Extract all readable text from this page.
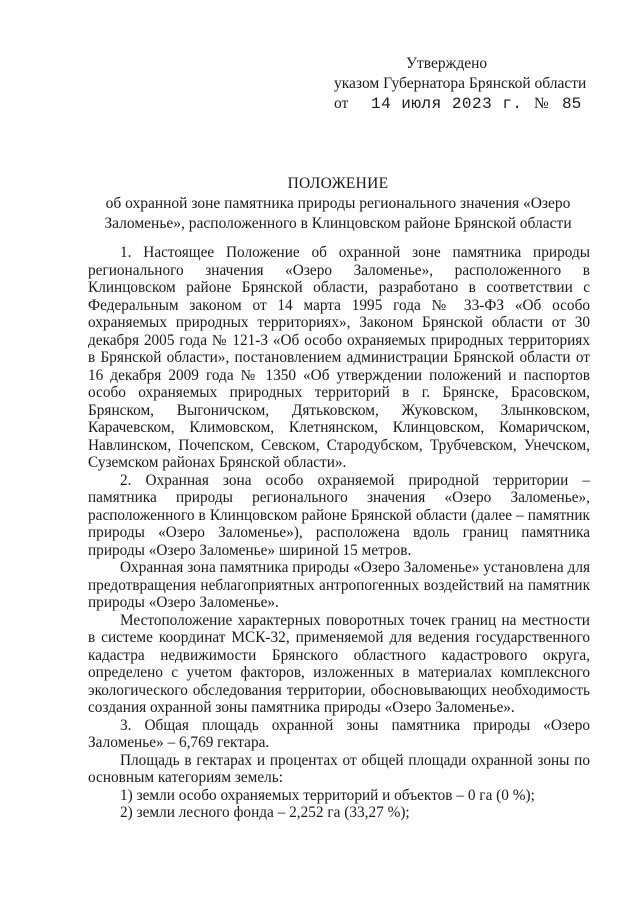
Утверждено
указом Губернатора Брянской области
от 14 июля 2023 г. № 85
ПОЛОЖЕНИЕ
об охранной зоне памятника природы регионального значения «Озеро
Заломенье», расположенного в Клинцовском районе Брянской области

1. Настоящее Положение об охранной зоне памятника природы регионального значения «Озеро Заломенье», расположенного в Клинцовском районе Брянской области, разработано в соответствии с Федеральным законом от 14 марта 1995 года № 33-ФЗ «Об особо охраняемых природных территориях», Законом Брянской области от 30 декабря 2005 года № 121-З «Об особо охраняемых природных территориях в Брянской области», постановлением администрации Брянской области от 16 декабря 2009 года № 1350 «Об утверждении положений и паспортов особо охраняемых природных территорий в г. Брянске, Брасовском, Брянском, Выгоничском, Дятьковском, Жуковском, Злынковском, Карачевском, Климовском, Клетнянском, Клинцовском, Комаричском, Навлинском, Почепском, Севском, Стародубском, Трубчевском, Унечском, Суземском районах Брянской области».

2. Охранная зона особо охраняемой природной территории – памятника природы регионального значения «Озеро Заломенье», расположенного в Клинцовском районе Брянской области (далее – памятник природы «Озеро Заломенье»), расположена вдоль границ памятника природы «Озеро Заломенье» шириной 15 метров.

Охранная зона памятника природы «Озеро Заломенье» установлена для предотвращения неблагоприятных антропогенных воздействий на памятник природы «Озеро Заломенье».

Местоположение характерных поворотных точек границ на местности в системе координат МСК-32, применяемой для ведения государственного кадастра недвижимости Брянского областного кадастрового округа, определено с учетом факторов, изложенных в материалах комплексного экологического обследования территории, обосновывающих необходимость создания охранной зоны памятника природы «Озеро Заломенье».

3. Общая площадь охранной зоны памятника природы «Озеро Заломенье» – 6,769 гектара.

Площадь в гектарах и процентах от общей площади охранной зоны по основным категориям земель:

1) земли особо охраняемых территорий и объектов – 0 га (0 %);

2) земли лесного фонда – 2,252 га (33,27 %);
